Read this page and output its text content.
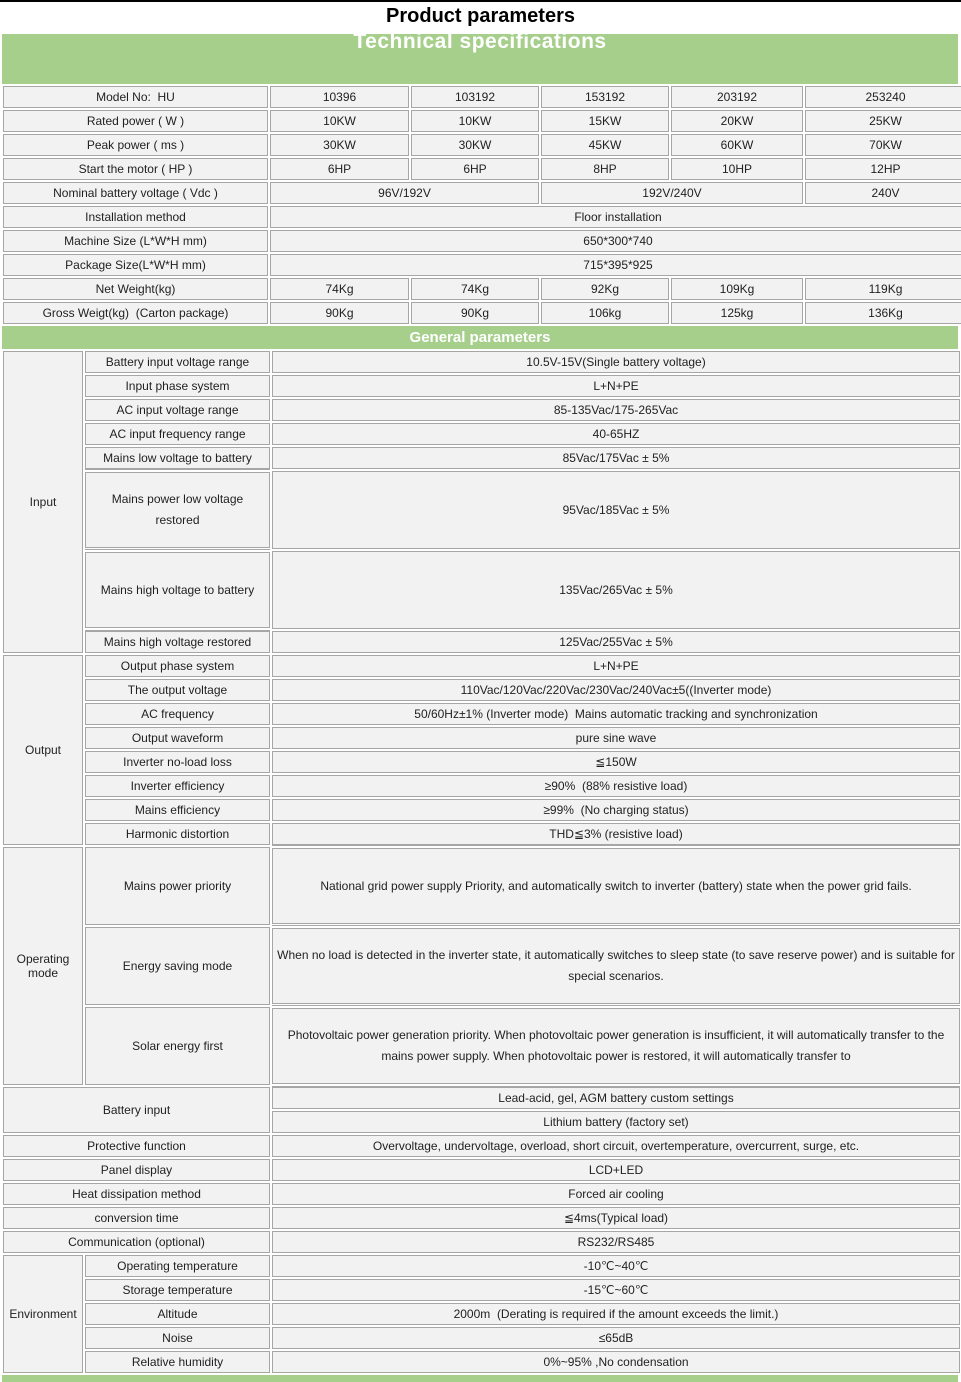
Product parameters
Technical specifications
Model No:  HU	10396	103192	153192	203192	253240
Rated power ( W )	10KW	10KW	15KW	20KW	25KW
Peak power ( ms )	30KW	30KW	45KW	60KW	70KW
Start the motor ( HP )	6HP	6HP	8HP	10HP	12HP
Nominal battery voltage ( Vdc )	96V/192V		192V/240V		240V
Installation method	Floor installation				
Machine Size (L*W*H mm)	650*300*740				
Package Size(L*W*H mm)	715*395*925				
Net Weight(kg)	74Kg	74Kg	92Kg	109Kg	119Kg
Gross Weigt(kg)  (Carton package)	90Kg	90Kg	106kg	125kg	136Kg
General parameters
Input	Battery input voltage range	10.5V-15V(Single battery voltage)
	Input phase system	L+N+PE
	AC input voltage range	85-135Vac/175-265Vac
	AC input frequency range	40-65HZ
	Mains low voltage to battery	85Vac/175Vac ± 5%

	Mains power low voltage restored	95Vac/185Vac ± 5%

	Mains high voltage to battery	135Vac/265Vac ± 5%
	Mains high voltage restored	125Vac/255Vac ± 5%
Output	Output phase system	L+N+PE
	The output voltage	110Vac/120Vac/220Vac/230Vac/240Vac±5((Inverter mode)
	AC frequency	50/60Hz±1% (Inverter mode)  Mains automatic tracking and synchronization
	Output waveform	pure sine wave
	Inverter no-load loss	≦150W
	Inverter efficiency	≥90%  (88% resistive load)
	Mains efficiency	≥99%  (No charging status)
	Harmonic distortion	THD≦3% (resistive load)
Operating mode	Mains power priority	National grid power supply Priority, and automatically switch to inverter (battery) state when the power grid fails.

	Energy saving mode	When no load is detected in the inverter state, it automatically switches to sleep state (to save reserve power) and is suitable for special scenarios.

	Solar energy first	Photovoltaic power generation priority. When photovoltaic power generation is insufficient, it will automatically transfer to the mains power supply. When photovoltaic power is restored, it will automatically transfer to

Battery input		Lead-acid, gel, AGM battery custom settings
		Lithium battery (factory set)
Protective function		Overvoltage, undervoltage, overload, short circuit, overtemperature, overcurrent, surge, etc.
Panel display		LCD+LED
Heat dissipation method		Forced air cooling
conversion time		≦4ms(Typical load)
Communication (optional)		RS232/RS485
Environment	Operating temperature	-10℃~40℃
	Storage temperature	-15℃~60℃
	Altitude	2000m  (Derating is required if the amount exceeds the limit.)
	Noise	≤65dB
	Relative humidity	0%~95% ,No condensation
